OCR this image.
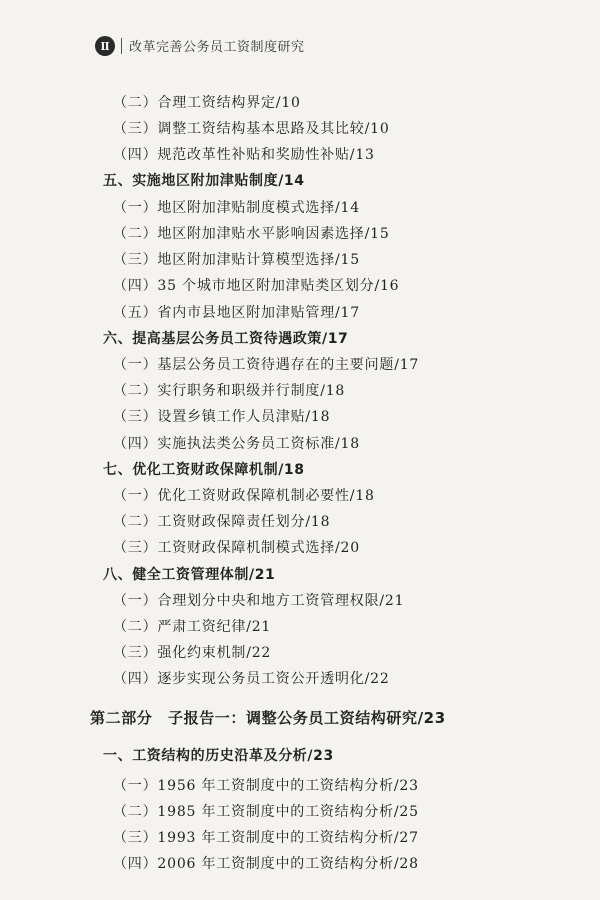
Ⅱ	改革完善公务员工资制度研究
（二）合理工资结构界定/10
（三）调整工资结构基本思路及其比较/10
（四）规范改革性补贴和奖励性补贴/13
五、实施地区附加津贴制度/14
（一）地区附加津贴制度模式选择/14
（二）地区附加津贴水平影响因素选择/15
（三）地区附加津贴计算模型选择/15
（四）35 个城市地区附加津贴类区划分/16
（五）省内市县地区附加津贴管理/17
六、提高基层公务员工资待遇政策/17
（一）基层公务员工资待遇存在的主要问题/17
（二）实行职务和职级并行制度/18
（三）设置乡镇工作人员津贴/18
（四）实施执法类公务员工资标准/18
七、优化工资财政保障机制/18
（一）优化工资财政保障机制必要性/18
（二）工资财政保障责任划分/18
（三）工资财政保障机制模式选择/20
八、健全工资管理体制/21
（一）合理划分中央和地方工资管理权限/21
（二）严肃工资纪律/21
（三）强化约束机制/22
（四）逐步实现公务员工资公开透明化/22
第二部分　子报告一：调整公务员工资结构研究/23
一、工资结构的历史沿革及分析/23
（一）1956 年工资制度中的工资结构分析/23
（二）1985 年工资制度中的工资结构分析/25
（三）1993 年工资制度中的工资结构分析/27
（四）2006 年工资制度中的工资结构分析/28
